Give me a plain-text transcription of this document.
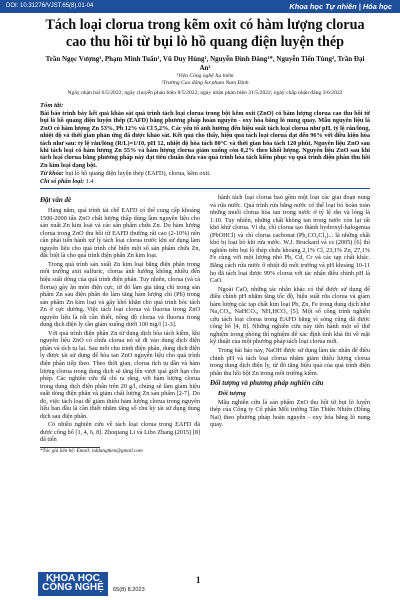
DOI: 10.31276/VJST.65(8).01-04	Khoa học Tự nhiên | Hóa học
Tách loại clorua trong kẽm oxit có hàm lượng clorua cao thu hồi từ bụi lò hồ quang điện luyện thép
Trần Ngọc Vượng¹, Phạm Minh Tuấn¹, Vũ Duy Hùng¹, Nguyễn Đình Đăng¹*, Nguyễn Tiến Tùng², Trần Đại An²
¹Viện Công nghệ Xạ hiếm
²Trường Cao đẳng Sư phạm Nam Định
Ngày nhận bài 6/5/2022; ngày chuyển phản biện 8/5/2022; ngày nhận phản biện 31/5/2022; ngày chấp nhận đăng 3/6/2022
Tóm tắt:
Bài báo trình bày kết quả khảo sát quá trình tách loại clorua trong bột kẽm oxit (ZnO) có hàm lượng clorua cao thu hồi từ bụi lò hồ quang điện luyện thép (EAFD) bằng phương pháp hoàn nguyên - oxy hóa bằng lò nung quay. Mẫu nguyên liệu là ZnO có hàm lượng Zn 53%, Pb 12% và Cl 5,2%. Các yếu tố ảnh hưởng đến hiệu suất tách loại clorua như pH, tỷ lệ rắn/lỏng, nhiệt độ và thời gian phản ứng đã được khảo sát. Kết quả cho thấy, hiệu quả tách loại clorua đạt đến 96% với điều kiện hòa tách như sau: tỷ lệ rắn/lỏng (R/L)=1/10, pH 12, nhiệt độ hòa tách 80°C và thời gian hòa tách 120 phút. Nguyên liệu ZnO sau khi tách loại có hàm lượng Zn 55% và hàm lượng clorua giảm xuống còn 0,2% theo khối lượng. Nguyên liệu ZnO sau khi tách loại clorua bằng phương pháp này đạt tiêu chuẩn đưa vào quá trình hòa tách kiềm phục vụ quá trình điện phân thu hồi Zn kim loại dạng bột.
Từ khóa: bụi lò hồ quang điện luyện thép (EAFD), clorua, kẽm oxit.
Chỉ số phân loại: 1.4
Đặt vấn đề

Hàng năm, quá trình tái chế EAFD có thể cung cấp khoảng 1500-2000 tấn ZnO chất lượng thấp dùng làm nguyên liệu cho sản xuất Zn kim loại và các sản phẩm chứa Zn. Do hàm lượng clorua trong ZnO thu hồi từ EAFD thường rất cao (2-10%) nên cần phải tiến hành xử lý tách loại clorua trước khi sử dụng làm nguyên liệu cho quá trình chế biến một số sản phẩm chứa Zn, đặc biệt là cho quá trình điện phân Zn kim loại.

Trong quá trình sản xuất Zn kim loại bằng điện phân trong môi trường axit sulfuric, clorua ảnh hưởng không nhiều đến hiệu suất dòng của quá trình điện phân. Tuy nhiên, clorua (và cả florua) gây ăn mòn điện cực, từ đó làm gia tăng chì trong sản phẩm Zn sau điện phân do làm tăng hàm lượng chì (Pb) trong sản phẩm Zn kim loại và gây khó khăn cho quá trình bóc tách Zn ở cực dương. Việc tách loại clorua và fluorua trong ZnO nguyên liệu là rất cần thiết, nồng độ clorua và fluorua trong dung dịch điện ly cần giảm xuống dưới 100 mg/l [1-3].

Với quá trình điện phân Zn từ dung dịch hòa tách kiềm, khi nguyên liệu ZnO có chứa clorua nó sẽ đi vào dung dịch điện phân và tích tụ lại. Sau mỗi chu trình điện phân, dung dịch điện ly được tái sử dụng để hòa tan ZnO nguyên liệu cho quá trình điện phân tiếp theo. Theo thời gian, clorua tích tụ dần và hàm lượng clorua trong dung dịch sẽ tăng lên vượt quá giới hạn cho phép. Các nghiên cứu đã chỉ ra rằng, với hàm lượng clorua trong dung dịch điện phân trên 20 g/l, chúng sẽ làm giảm hiệu suất dòng điện phân và giảm chất lượng Zn sản phẩm [2-7]. Do đó, việc tách loại để giảm thiểu hàm lượng clorua trong nguyên liệu ban đầu là cần thiết nhằm tăng số chu kỳ tái sử dụng dung dịch sau điện phân.

Có nhiều nghiên cứu về tách loại clorua trong EAFD đã được công bố [1, 4, 6, 8]. Zhoqiang Li và Libo Zhang (2015) [8] đã tiến

*Tác giả liên hệ: Email: nddangtken@gmail.com

hành tách loại clorua bao gồm một loạt các giai đoạn nung và rửa nước. Quá trình rửa bằng nước có thể loại bỏ hoàn toàn những muối clorua hòa tan trong nước ở tỷ lệ rắn và lỏng là 1:10. Tuy nhiên, những chất không tan trong nước còn lại rất khó khử clorua. Ví dụ, chì clorua tạo thành hydroxyl-halogenua (PbOHCl) và chì clorua cacbonat (Pb₂CO₃Cl₂)... là những chất khó bị loại bỏ khi rửa nước. W.J. Bruckard và cs (2005) [6] thì nghiên trên bụi lò thép chứa khoảng 2,1% Cl, 23,1% Zn, 27,1% Fe cùng với một lượng nhỏ Pb, Cd, Cr và các tạp chất khác. Bằng cách rửa nước ở nhiệt độ môi trường và pH khoảng 10-11 họ đã tách loại được 99% clorua với tác nhân điều chỉnh pH là CaO.

Ngoài CaO, những tác nhân khác có thể được sử dụng để điều chỉnh pH nhằm tăng tốc độ, hiệu suất rửa clorua và giảm hàm lượng các tạp chất kim loại Pb, Zn, Fe trong dung dịch như Na₂CO₃, NaHCO₃, NH₄HCO₃ [5]. Một số công trình nghiên cứu tách loại clorua trong EAFD bằng vì sóng cũng đã được công bố [4, 8]. Những nghiên cứu này tiến hành một số thử nghiệm trong phòng thí nghiệm để xác định tính khả thi về mặt kỹ thuật của một phương pháp tách loại clorua mới.

Trong bài báo này, NaOH được sử dụng làm tác nhân để điều chỉnh pH và tách loại clorua nhằm giảm thiểu lượng clorua trong dung dịch điện ly, từ đó tăng hiệu quả của quá trình điện phân thu hồi bột Zn trong môi trường kiềm.

Đối tượng và phương pháp nghiên cứu
Đối tượng

Mẫu nghiên cứu là sản phẩm ZnO thu hồi từ bụi lò luyện thép của Công ty Cổ phần Môi trường Tân Thiên Nhiên (Đồng Nai) theo phương pháp hoàn nguyên - oxy hóa bằng lò nung quay.

KHOA HỌC
CÔNG NGHỆ	65(8) 8.2023
1
